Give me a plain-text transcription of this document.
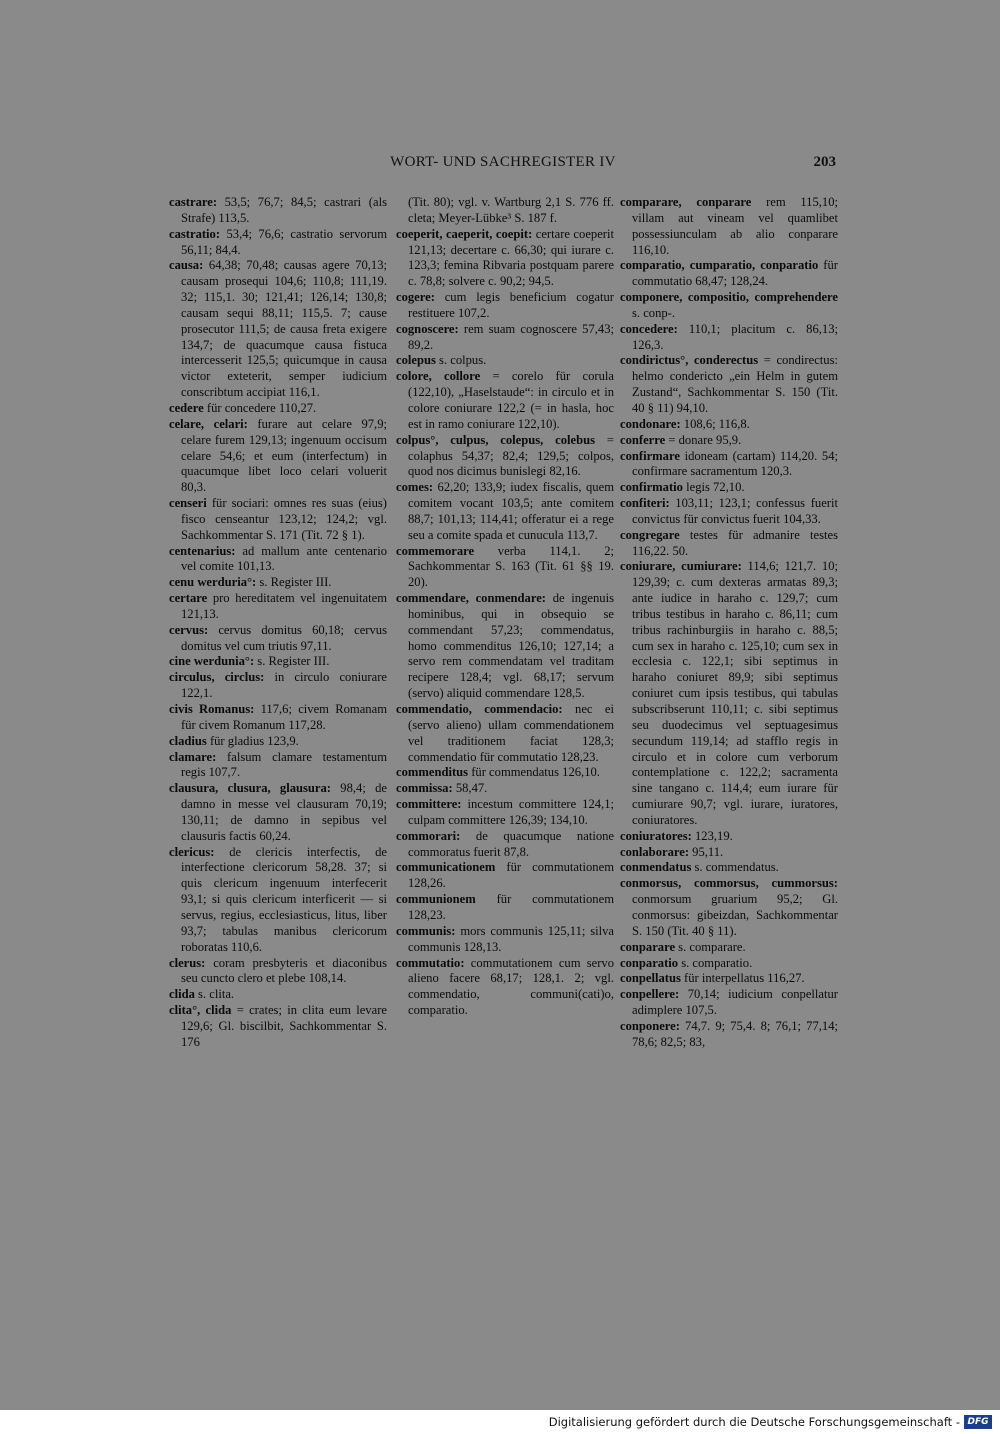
WORT- UND SACHREGISTER IV	203

castrare: 53,5; 76,7; 84,5; castrari (als Strafe) 113,5.

castratio: 53,4; 76,6; castratio servorum 56,11; 84,4.

causa: 64,38; 70,48; causas agere 70,13; causam prosequi 104,6; 110,8; 111,19. 32; 115,1. 30; 121,41; 126,14; 130,8; causam sequi 88,11; 115,5. 7; cause prosecutor 111,5; de causa freta exigere 134,7; de quacumque causa fistuca intercesserit 125,5; quicumque in causa victor exteterit, semper iudicium conscribtum accipiat 116,1.

cedere für concedere 110,27.

celare, celari: furare aut celare 97,9; celare furem 129,13; ingenuum occisum celare 54,6; et eum (interfectum) in quacumque libet loco celari voluerit 80,3.

censeri für sociari: omnes res suas (eius) fisco censeantur 123,12; 124,2; vgl. Sachkommentar S. 171 (Tit. 72 § 1).

centenarius: ad mallum ante centenario vel comite 101,13.

cenu werduria°: s. Register III.

certare pro hereditatem vel ingenuitatem 121,13.

cervus: cervus domitus 60,18; cervus domitus vel cum triutis 97,11.

cine werdunia°: s. Register III.

circulus, circlus: in circulo coniurare 122,1.

civis Romanus: 117,6; civem Romanam für civem Romanum 117,28.

cladius für gladius 123,9.

clamare: falsum clamare testamentum regis 107,7.

clausura, clusura, glausura: 98,4; de damno in messe vel clausuram 70,19; 130,11; de damno in sepibus vel clausuris factis 60,24.

clericus: de clericis interfectis, de interfectione clericorum 58,28. 37; si quis clericum ingenuum interfecerit 93,1; si quis clericum interficerit — si servus, regius, ecclesiasticus, litus, liber 93,7; tabulas manibus clericorum roboratas 110,6.

clerus: coram presbyteris et diaconibus seu cuncto clero et plebe 108,14.

clida s. clita.

clita°, clida = crates; in clita eum levare 129,6; Gl. biscilbit, Sachkommentar S. 176

(Tit. 80); vgl. v. Wartburg 2,1 S. 776 ff. cleta; Meyer-Lübke³ S. 187 f.

coeperit, caeperit, coepit: certare coeperit 121,13; decertare c. 66,30; qui iurare c. 123,3; femina Ribvaria postquam parere c. 78,8; solvere c. 90,2; 94,5.

cogere: cum legis beneficium cogatur restituere 107,2.

cognoscere: rem suam cognoscere 57,43; 89,2.

colepus s. colpus.

colore, collore = corelo für corula (122,10), „Haselstaude“: in circulo et in colore coniurare 122,2 (= in hasla, hoc est in ramo coniurare 122,10).

colpus°, culpus, colepus, colebus = colaphus 54,37; 82,4; 129,5; colpos, quod nos dicimus bunislegi 82,16.

comes: 62,20; 133,9; iudex fiscalis, quem comitem vocant 103,5; ante comitem 88,7; 101,13; 114,41; offeratur ei a rege seu a comite spada et cunucula 113,7.

commemorare verba 114,1. 2; Sachkommentar S. 163 (Tit. 61 §§ 19. 20).

commendare, conmendare: de ingenuis hominibus, qui in obsequio se commendant 57,23; commendatus, homo commenditus 126,10; 127,14; a servo rem commendatam vel traditam recipere 128,4; vgl. 68,17; servum (servo) aliquid commendare 128,5.

commendatio, commendacio: nec ei (servo alieno) ullam commendationem vel traditionem faciat 128,3; commendatio für commutatio 128,23.

commenditus für commendatus 126,10.

commissa: 58,47.

committere: incestum committere 124,1; culpam committere 126,39; 134,10.

commorari: de quacumque natione commoratus fuerit 87,8.

communicationem für commutationem 128,26.

communionem für commutationem 128,23.

communis: mors communis 125,11; silva communis 128,13.

commutatio: commutationem cum servo alieno facere 68,17; 128,1. 2; vgl. commendatio, communi(cati)o, comparatio.

comparare, conparare rem 115,10; villam aut vineam vel quamlibet possessiunculam ab alio conparare 116,10.

comparatio, cumparatio, conparatio für commutatio 68,47; 128,24.

componere, compositio, comprehendere s. conp-.

concedere: 110,1; placitum c. 86,13; 126,3.

condirictus°, conderectus = condirectus: helmo condericto „ein Helm in gutem Zustand“, Sachkommentar S. 150 (Tit. 40 § 11) 94,10.

condonare: 108,6; 116,8.

conferre = donare 95,9.

confirmare idoneam (cartam) 114,20. 54; confirmare sacramentum 120,3.

confirmatio legis 72,10.

confiteri: 103,11; 123,1; confessus fuerit convictus für convictus fuerit 104,33.

congregare testes für admanire testes 116,22. 50.

coniurare, cumiurare: 114,6; 121,7. 10; 129,39; c. cum dexteras armatas 89,3; ante iudice in haraho c. 129,7; cum tribus testibus in haraho c. 86,11; cum tribus rachinburgiis in haraho c. 88,5; cum sex in haraho c. 125,10; cum sex in ecclesia c. 122,1; sibi septimus in haraho coniuret 89,9; sibi septimus coniuret cum ipsis testibus, qui tabulas subscribserunt 110,11; c. sibi septimus seu duodecimus vel septuagesimus secundum 119,14; ad stafflo regis in circulo et in colore cum verborum contemplatione c. 122,2; sacramenta sine tangano c. 114,4; eum iurare für cumiurare 90,7; vgl. iurare, iuratores, coniuratores.

coniuratores: 123,19.

conlaborare: 95,11.

conmendatus s. commendatus.

conmorsus, commorsus, cummorsus: conmorsum gruarium 95,2; Gl. conmorsus: gibeizdan, Sachkommentar S. 150 (Tit. 40 § 11).

conparare s. comparare.

conparatio s. comparatio.

conpellatus für interpellatus 116,27.

conpellere: 70,14; iudicium conpellatur adimplere 107,5.

conponere: 74,7. 9; 75,4. 8; 76,1; 77,14; 78,6; 82,5; 83,

Digitalisierung gefördert durch die Deutsche Forschungsgemeinschaft - DFG
